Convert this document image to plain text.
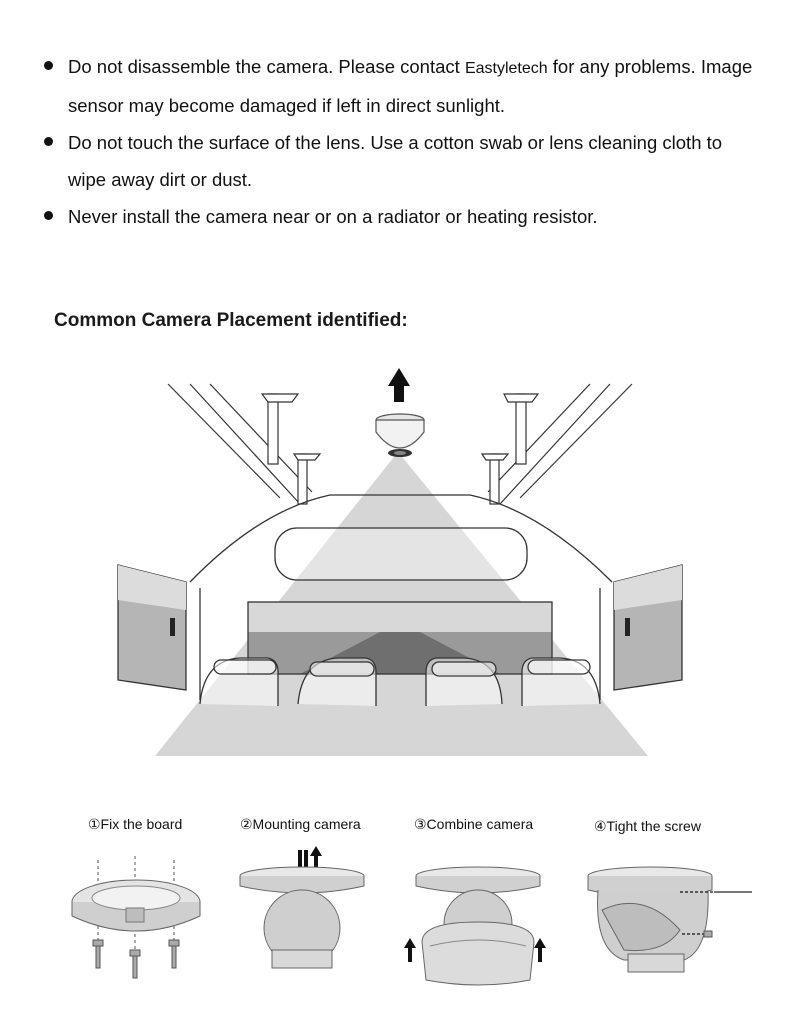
Do not disassemble the camera. Please contact Eastyletech for any problems. Image sensor may become damaged if left in direct sunlight.
Do not touch the surface of the lens. Use a cotton swab or lens cleaning cloth to wipe away dirt or dust.
Never install the camera near or on a radiator or heating resistor.
Common Camera Placement identified:
①Fix the board	②Mounting camera	③Combine camera	④Tight the screw
